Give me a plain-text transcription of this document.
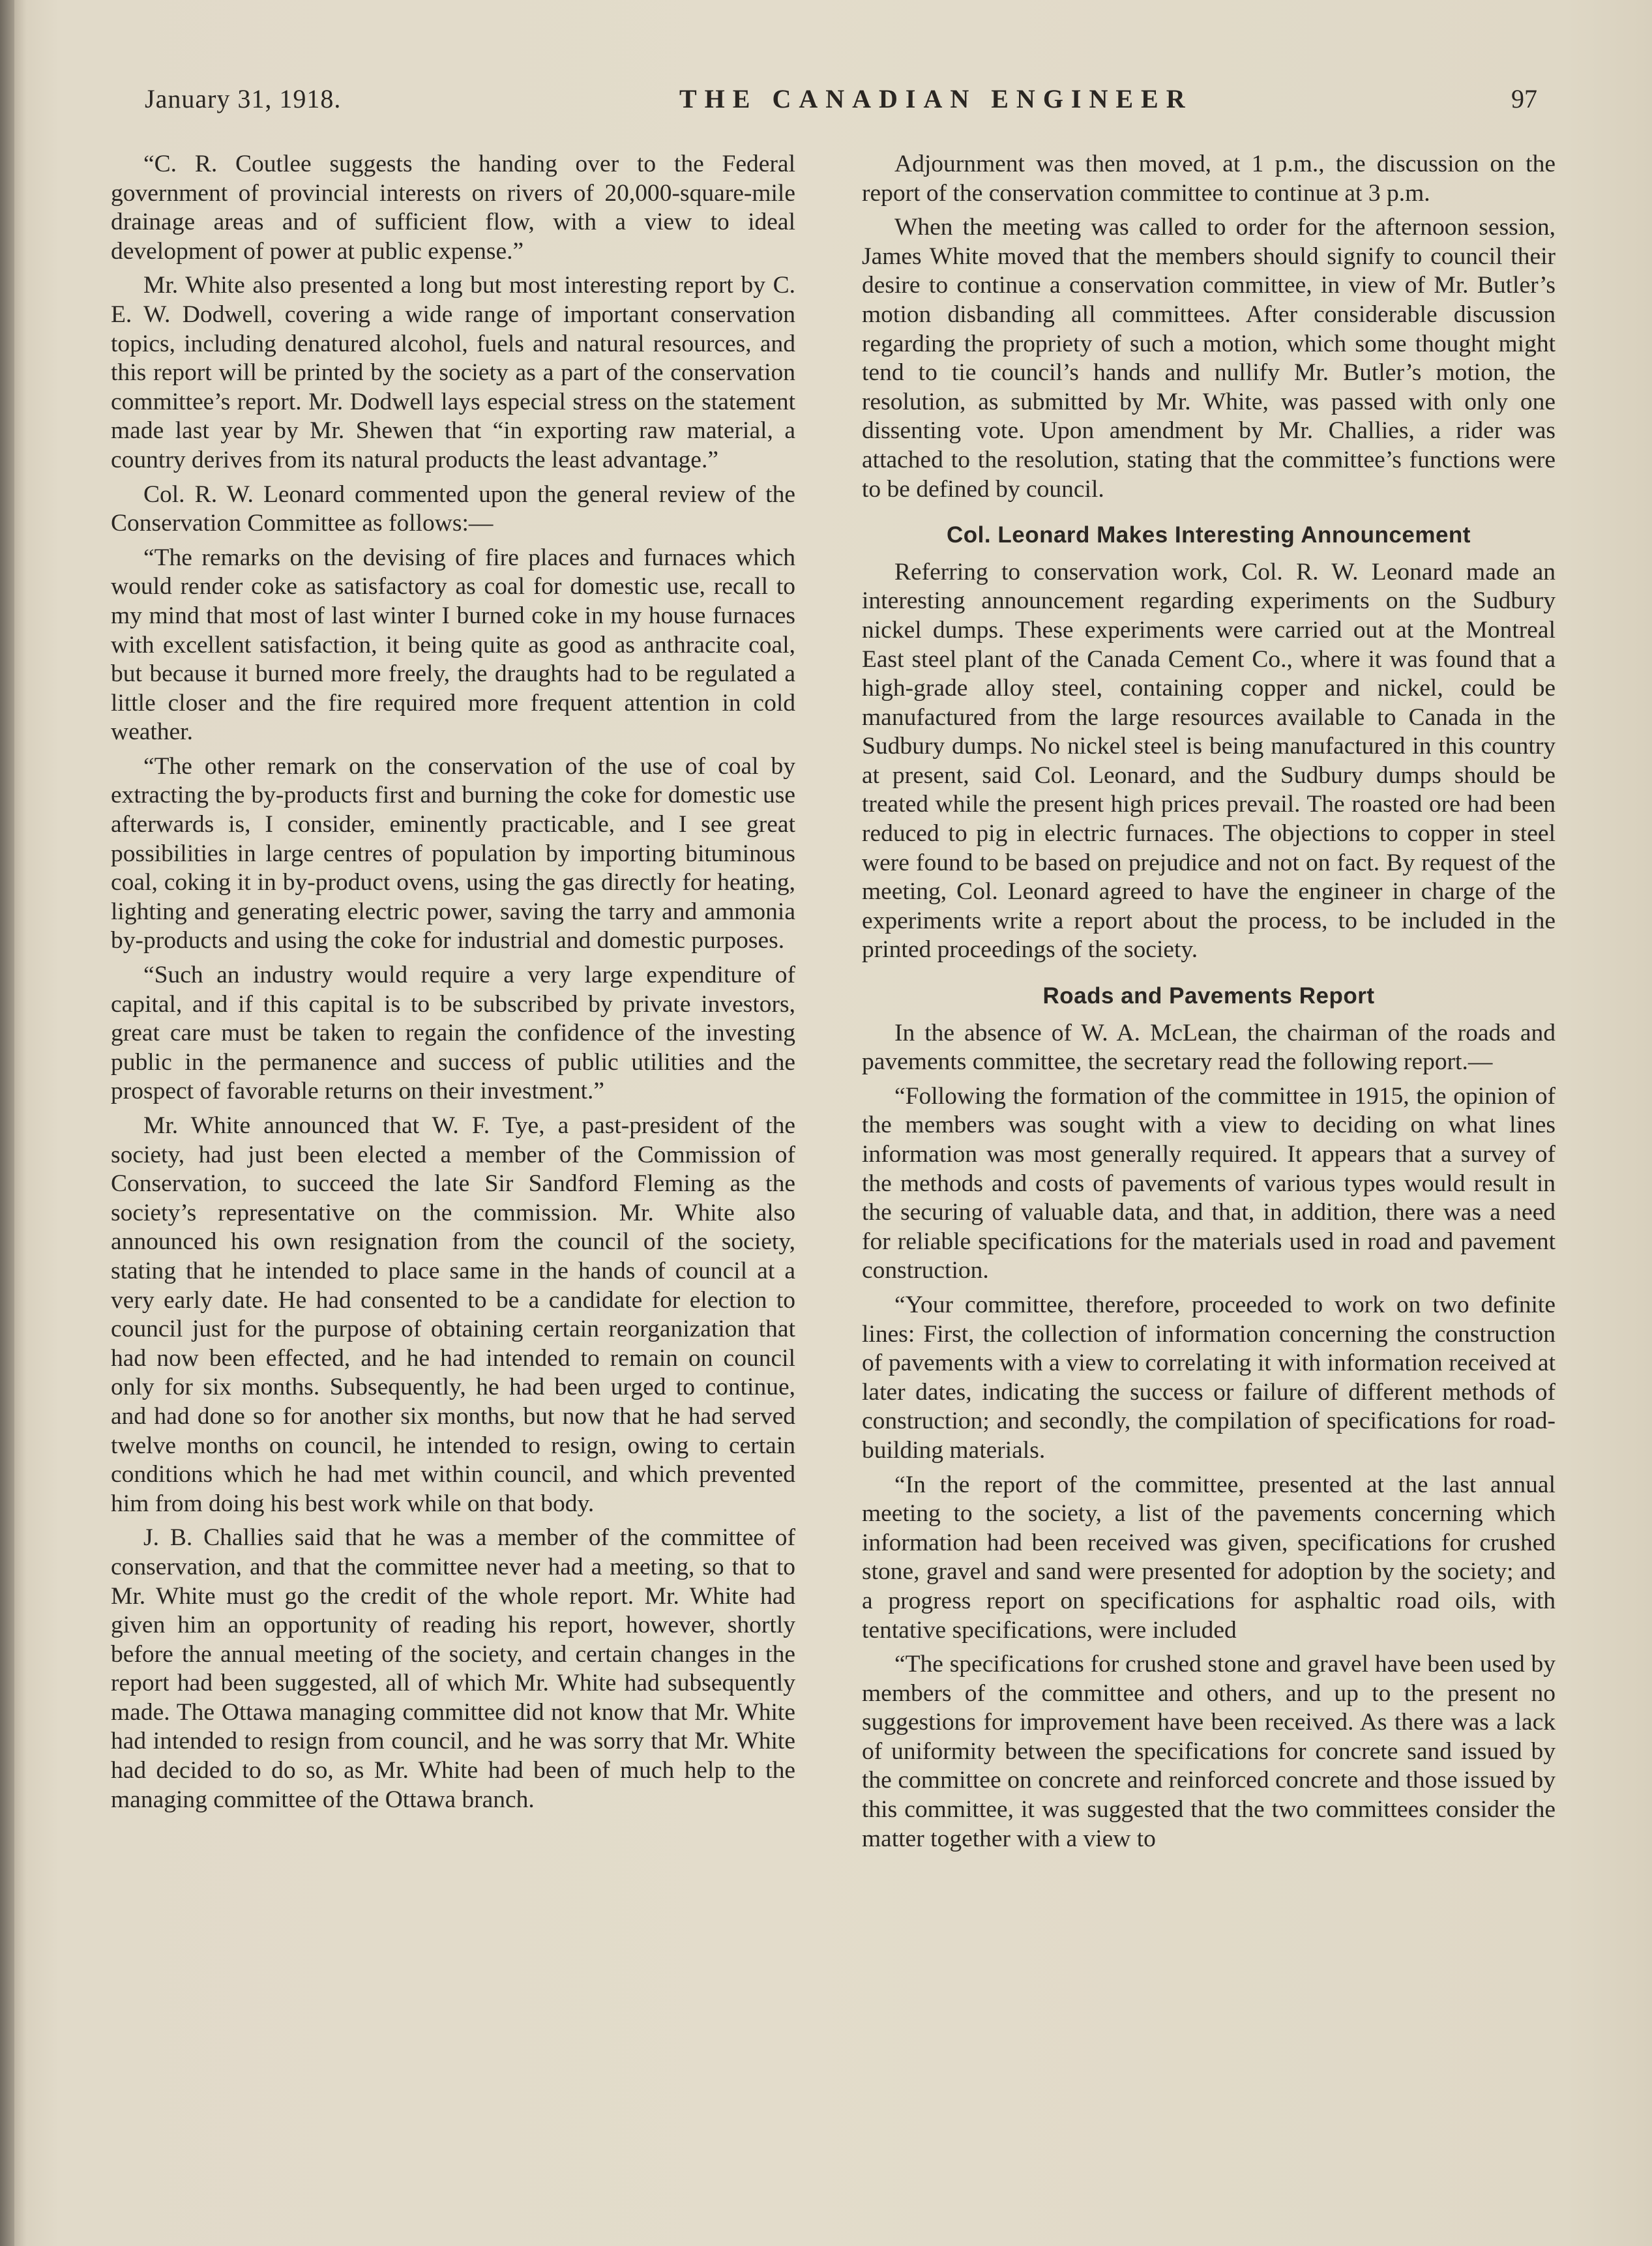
January 31, 1918.	THE CANADIAN ENGINEER	97

“C. R. Coutlee suggests the handing over to the Federal government of provincial interests on rivers of 20,000-square-mile drainage areas and of sufficient flow, with a view to ideal development of power at public expense.”

Mr. White also presented a long but most interesting report by C. E. W. Dodwell, covering a wide range of important conservation topics, including denatured alcohol, fuels and natural resources, and this report will be printed by the society as a part of the conservation committee’s report. Mr. Dodwell lays especial stress on the statement made last year by Mr. Shewen that “in exporting raw material, a country derives from its natural products the least advantage.”

Col. R. W. Leonard commented upon the general review of the Conservation Committee as follows:—

“The remarks on the devising of fire places and furnaces which would render coke as satisfactory as coal for domestic use, recall to my mind that most of last winter I burned coke in my house furnaces with excellent satisfaction, it being quite as good as anthracite coal, but because it burned more freely, the draughts had to be regulated a little closer and the fire required more frequent attention in cold weather.

“The other remark on the conservation of the use of coal by extracting the by-products first and burning the coke for domestic use afterwards is, I consider, eminently practicable, and I see great possibilities in large centres of population by importing bituminous coal, coking it in by-product ovens, using the gas directly for heating, lighting and generating electric power, saving the tarry and ammonia by-products and using the coke for industrial and domestic purposes.

“Such an industry would require a very large expenditure of capital, and if this capital is to be subscribed by private investors, great care must be taken to regain the confidence of the investing public in the permanence and success of public utilities and the prospect of favorable returns on their investment.”

Mr. White announced that W. F. Tye, a past-president of the society, had just been elected a member of the Commission of Conservation, to succeed the late Sir Sandford Fleming as the society’s representative on the commission. Mr. White also announced his own resignation from the council of the society, stating that he intended to place same in the hands of council at a very early date. He had consented to be a candidate for election to council just for the purpose of obtaining certain reorganization that had now been effected, and he had intended to remain on council only for six months. Subsequently, he had been urged to continue, and had done so for another six months, but now that he had served twelve months on council, he intended to resign, owing to certain conditions which he had met within council, and which prevented him from doing his best work while on that body.

J. B. Challies said that he was a member of the committee of conservation, and that the committee never had a meeting, so that to Mr. White must go the credit of the whole report. Mr. White had given him an opportunity of reading his report, however, shortly before the annual meeting of the society, and certain changes in the report had been suggested, all of which Mr. White had subsequently made. The Ottawa managing committee did not know that Mr. White had intended to resign from council, and he was sorry that Mr. White had decided to do so, as Mr. White had been of much help to the managing committee of the Ottawa branch.

Adjournment was then moved, at 1 p.m., the discussion on the report of the conservation committee to continue at 3 p.m.

When the meeting was called to order for the afternoon session, James White moved that the members should signify to council their desire to continue a conservation committee, in view of Mr. Butler’s motion disbanding all committees. After considerable discussion regarding the propriety of such a motion, which some thought might tend to tie council’s hands and nullify Mr. Butler’s motion, the resolution, as submitted by Mr. White, was passed with only one dissenting vote. Upon amendment by Mr. Challies, a rider was attached to the resolution, stating that the committee’s functions were to be defined by council.

Col. Leonard Makes Interesting Announcement

Referring to conservation work, Col. R. W. Leonard made an interesting announcement regarding experiments on the Sudbury nickel dumps. These experiments were carried out at the Montreal East steel plant of the Canada Cement Co., where it was found that a high-grade alloy steel, containing copper and nickel, could be manufactured from the large resources available to Canada in the Sudbury dumps. No nickel steel is being manufactured in this country at present, said Col. Leonard, and the Sudbury dumps should be treated while the present high prices prevail. The roasted ore had been reduced to pig in electric furnaces. The objections to copper in steel were found to be based on prejudice and not on fact. By request of the meeting, Col. Leonard agreed to have the engineer in charge of the experiments write a report about the process, to be included in the printed proceedings of the society.

Roads and Pavements Report

In the absence of W. A. McLean, the chairman of the roads and pavements committee, the secretary read the following report.—

“Following the formation of the committee in 1915, the opinion of the members was sought with a view to deciding on what lines information was most generally required. It appears that a survey of the methods and costs of pavements of various types would result in the securing of valuable data, and that, in addition, there was a need for reliable specifications for the materials used in road and pavement construction.

“Your committee, therefore, proceeded to work on two definite lines: First, the collection of information concerning the construction of pavements with a view to correlating it with information received at later dates, indicating the success or failure of different methods of construction; and secondly, the compilation of specifications for road-building materials.

“In the report of the committee, presented at the last annual meeting to the society, a list of the pavements concerning which information had been received was given, specifications for crushed stone, gravel and sand were presented for adoption by the society; and a progress report on specifications for asphaltic road oils, with tentative specifications, were included

“The specifications for crushed stone and gravel have been used by members of the committee and others, and up to the present no suggestions for improvement have been received. As there was a lack of uniformity between the specifications for concrete sand issued by the committee on concrete and reinforced concrete and those issued by this committee, it was suggested that the two committees consider the matter together with a view to
